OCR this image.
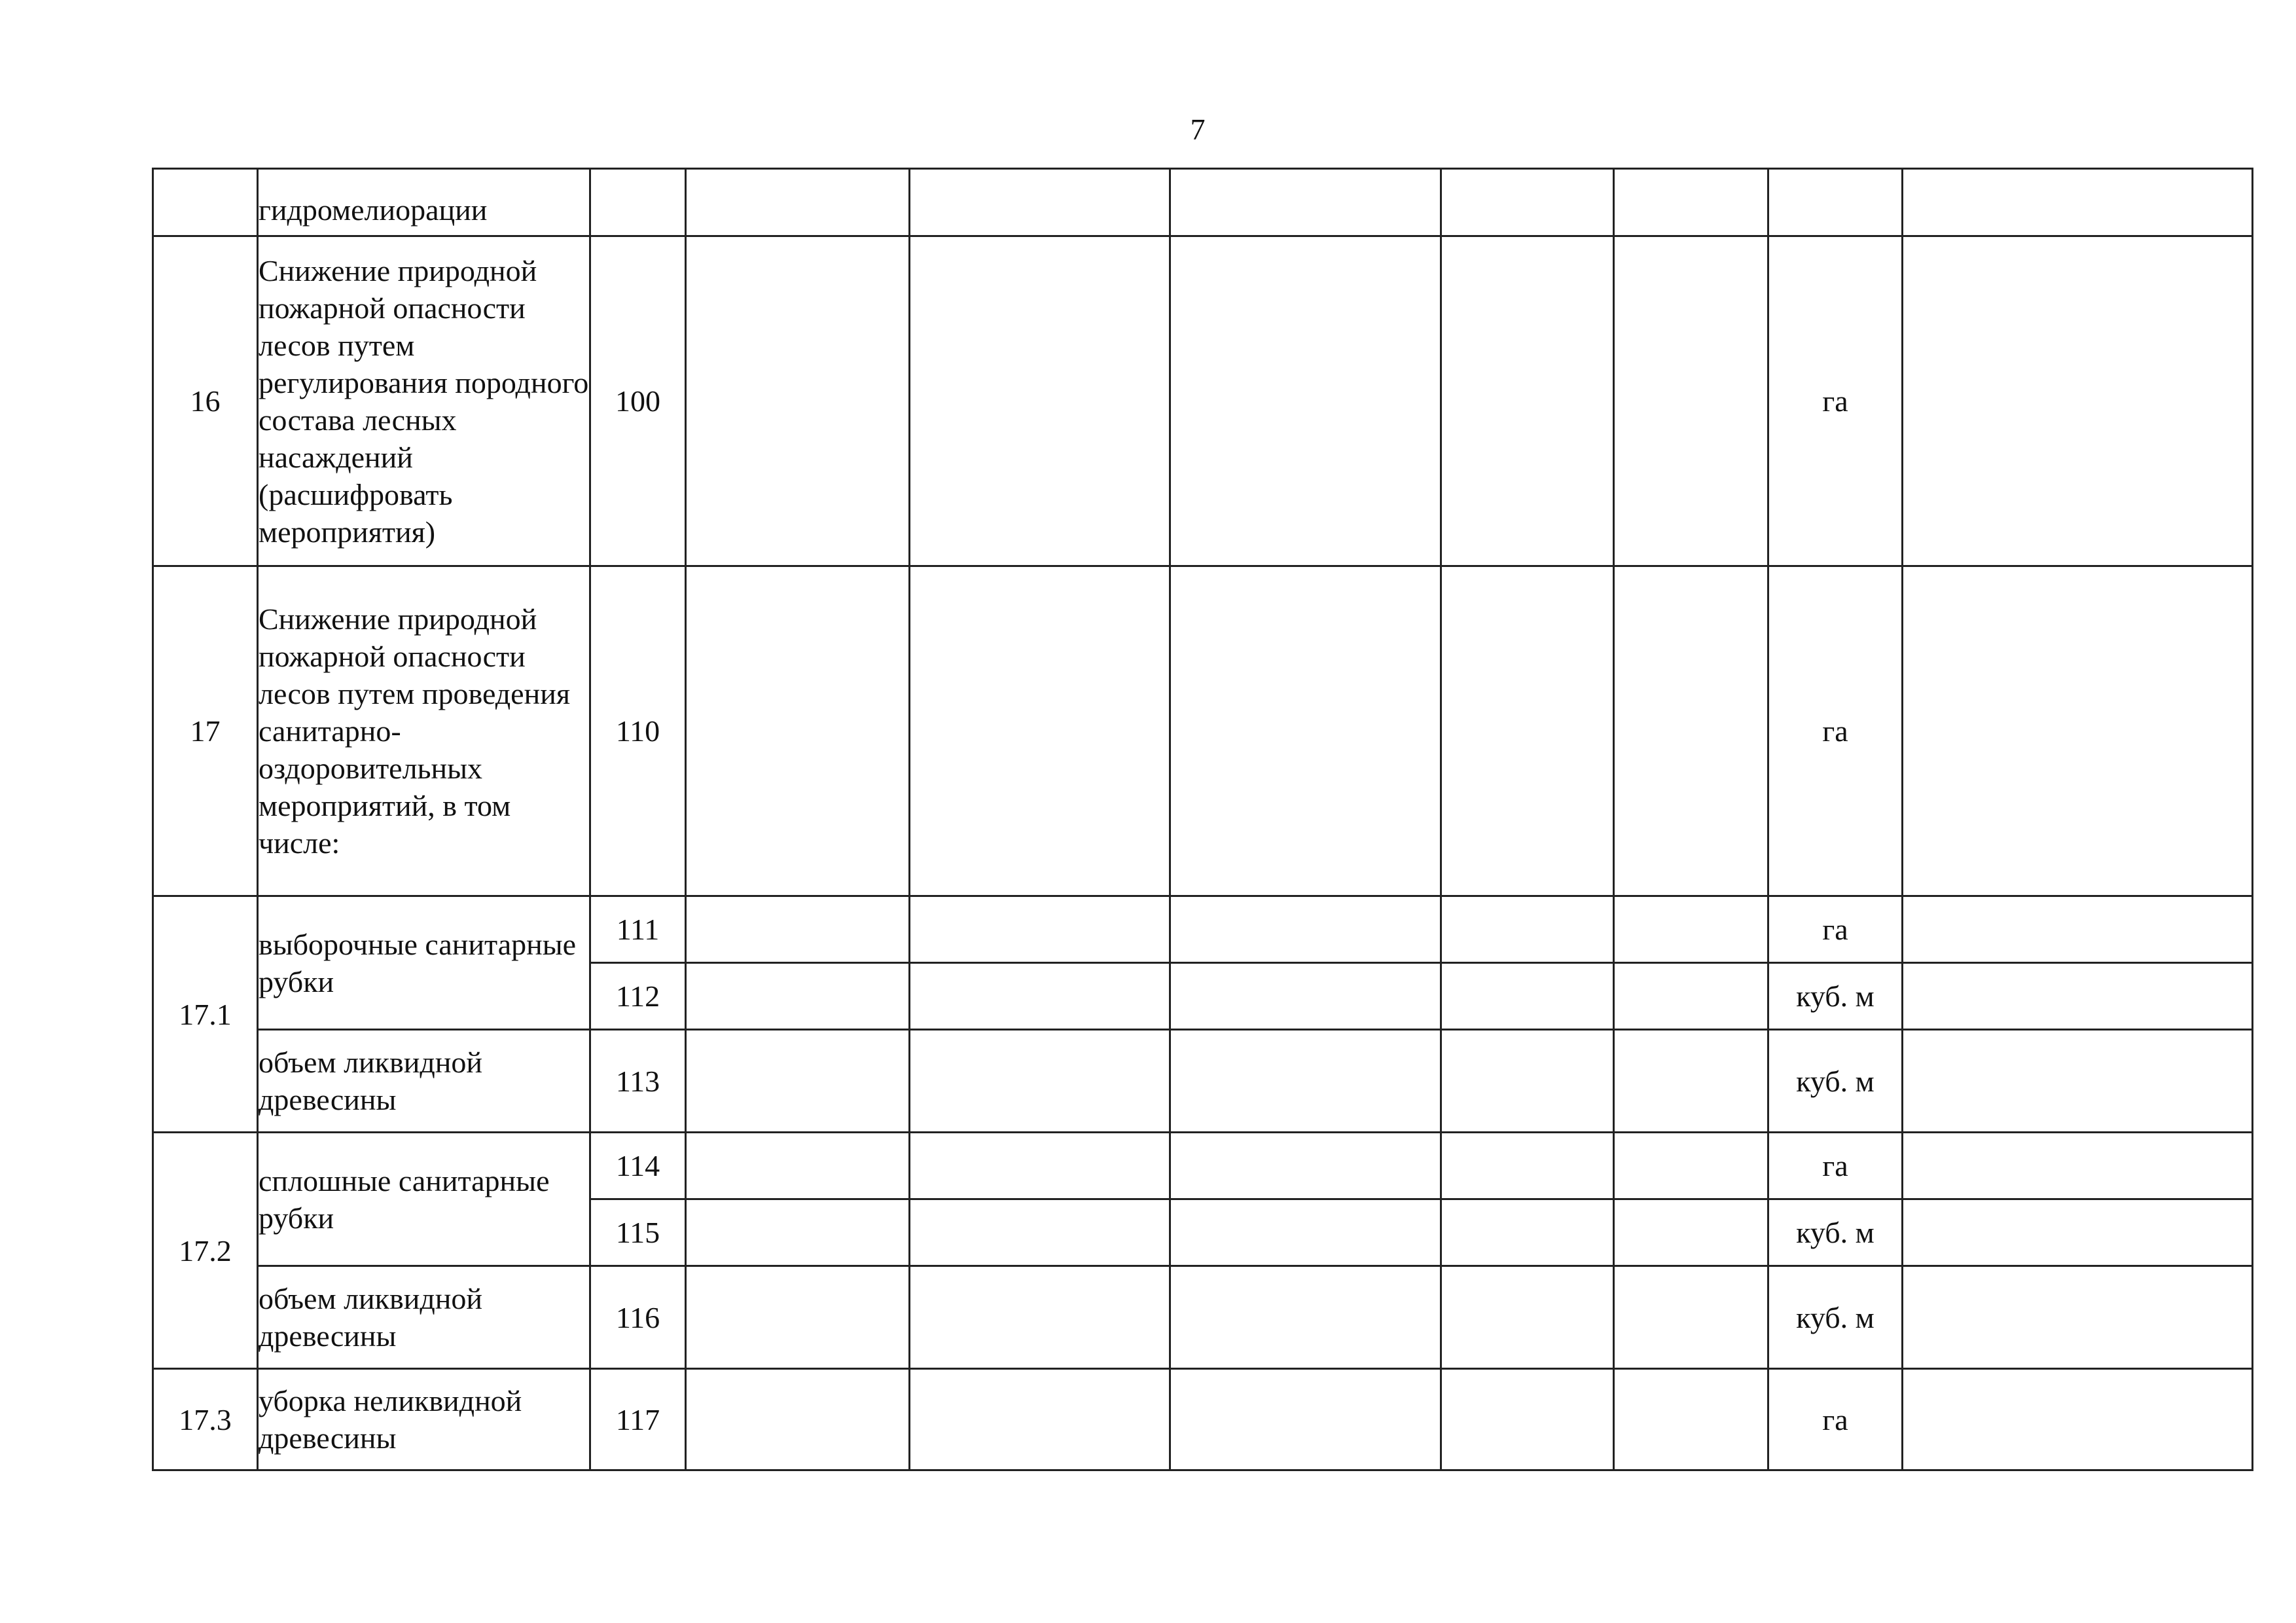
7
	гидромелиорации								
16	Снижение природной пожарной опасности лесов путем регулирования породного состава лесных насаждений (расшифровать мероприятия)	100						га	
17	Снижение природной пожарной опасности лесов путем проведения санитарно-оздоровительных мероприятий, в том числе:	110						га	
17.1	выборочные санитарные рубки	111						га	
		112						куб. м	
	объем ликвидной древесины	113						куб. м	
17.2	сплошные санитарные рубки	114						га	
		115						куб. м	
	объем ликвидной древесины	116						куб. м	
17.3	уборка неликвидной древесины	117						га	
